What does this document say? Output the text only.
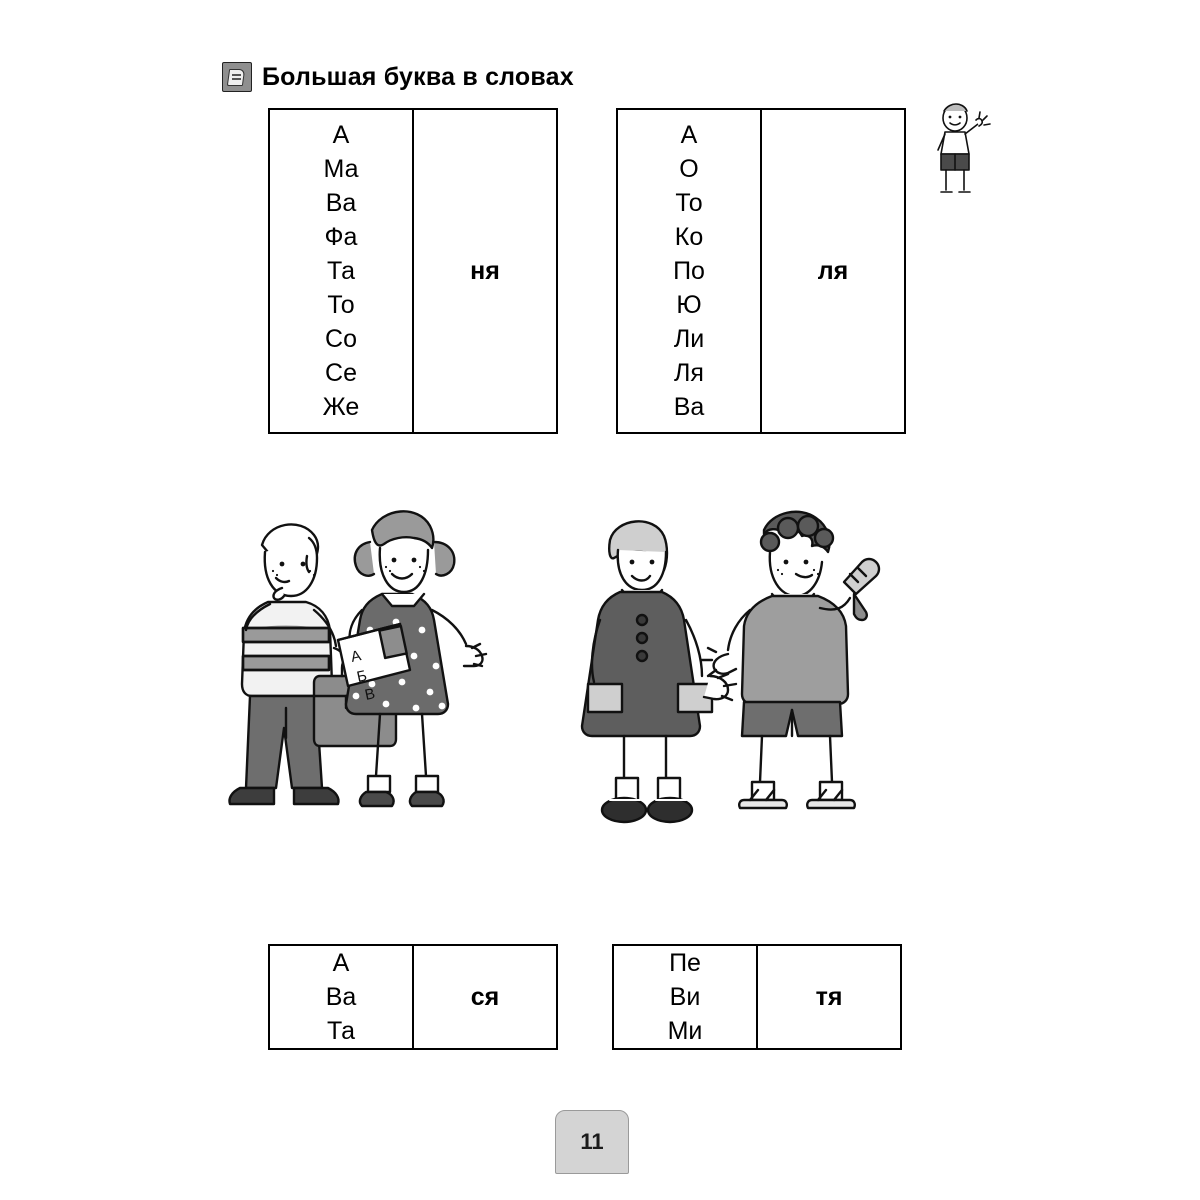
Большая буква в словах
А
Ма
Ва
Фа
Та
То
Со
Се
Же
ня
А
О
То
Ко
По
Ю
Ли
Ля
Ва
ля
А
Ва
Та
ся
Пе
Ви
Ми
тя
А
Б
В
11
